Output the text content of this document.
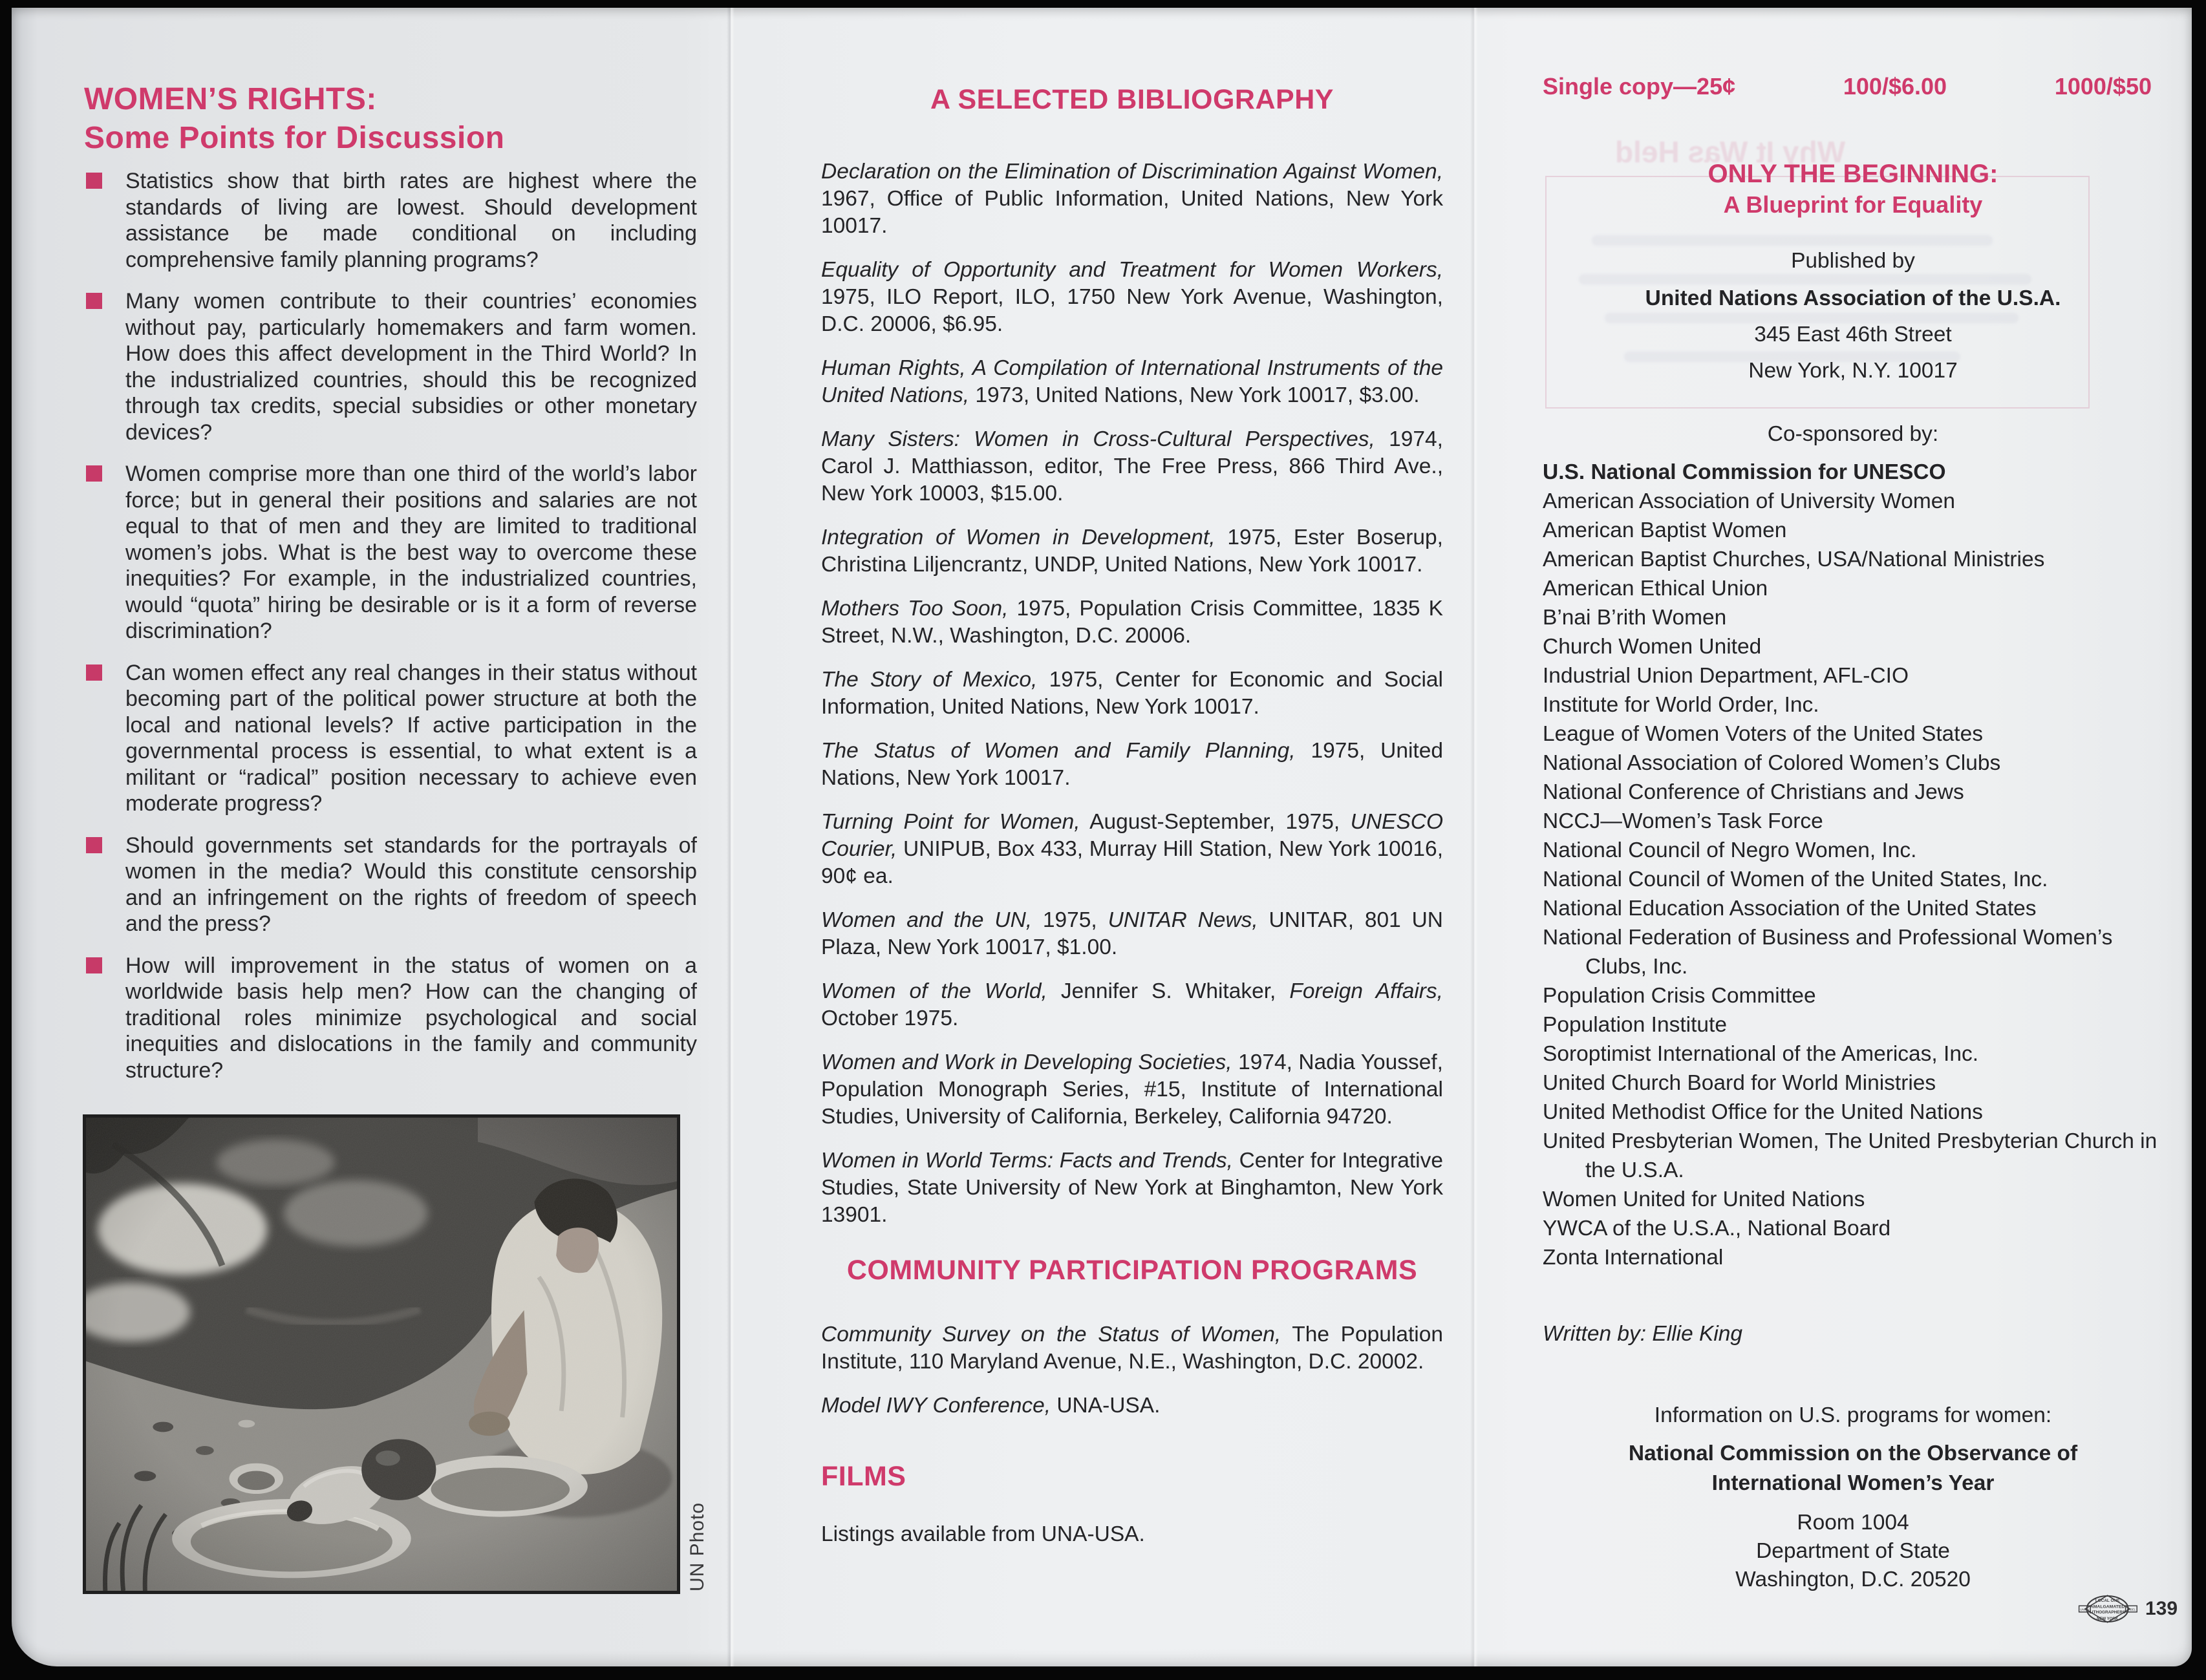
WOMEN’S RIGHTS:
Some Points for Discussion
Statistics show that birth rates are highest where the standards of living are lowest. Should development assistance be made conditional on including comprehensive family planning programs?
Many women contribute to their countries’ economies without pay, particularly homemakers and farm women. How does this affect development in the Third World? In the industrialized countries, should this be recognized through tax credits, special subsidies or other monetary devices?
Women comprise more than one third of the world’s labor force; but in general their positions and salaries are not equal to that of men and they are limited to traditional women’s jobs. What is the best way to overcome these inequities? For example, in the industrialized countries, would “quota” hiring be desirable or is it a form of reverse discrimination?
Can women effect any real changes in their status without becoming part of the political power structure at both the local and national levels? If active participation in the governmental process is essential, to what extent is a militant or “radical” position necessary to achieve even moderate progress?
Should governments set standards for the portrayals of women in the media? Would this constitute censorship and an infringement on the rights of freedom of speech and the press?
How will improvement in the status of women on a worldwide basis help men? How can the changing of traditional roles minimize psychological and social inequities and dislocations in the family and community structure?
UN Photo
A SELECTED BIBLIOGRAPHY

Declaration on the Elimination of Discrimination Against Women, 1967, Office of Public Information, United Nations, New York 10017.

Equality of Opportunity and Treatment for Women Workers, 1975, ILO Report, ILO, 1750 New York Avenue, Washington, D.C. 20006, $6.95.

Human Rights, A Compilation of International Instruments of the United Nations, 1973, United Nations, New York 10017, $3.00.

Many Sisters: Women in Cross-Cultural Perspectives, 1974, Carol J. Matthiasson, editor, The Free Press, 866 Third Ave., New York 10003, $15.00.

Integration of Women in Development, 1975, Ester Boserup, Christina Liljencrantz, UNDP, United Nations, New York 10017.

Mothers Too Soon, 1975, Population Crisis Committee, 1835 K Street, N.W., Washington, D.C. 20006.

The Story of Mexico, 1975, Center for Economic and Social Information, United Nations, New York 10017.

The Status of Women and Family Planning, 1975, United Nations, New York 10017.

Turning Point for Women, August-September, 1975, UNESCO Courier, UNIPUB, Box 433, Murray Hill Station, New York 10016, 90¢ ea.

Women and the UN, 1975, UNITAR News, UNITAR, 801 UN Plaza, New York 10017, $1.00.

Women of the World, Jennifer S. Whitaker, Foreign Affairs, October 1975.

Women and Work in Developing Societies, 1974, Nadia Youssef, Population Monograph Series, #15, Institute of International Studies, University of California, Berkeley, California 94720.

Women in World Terms: Facts and Trends, Center for Integrative Studies, State University of New York at Binghamton, New York 13901.

COMMUNITY PARTICIPATION PROGRAMS

Community Survey on the Status of Women, The Population Institute, 110 Maryland Avenue, N.E., Washington, D.C. 20002.

Model IWY Conference, UNA-USA.

FILMS

Listings available from UNA-USA.

Why It Was Held
Single copy—25¢	100/$6.00	1000/$50
ONLY THE BEGINNING:
A Blueprint for Equality
Published by
United Nations Association of the U.S.A.
345 East 46th Street
New York, N.Y. 10017
Co-sponsored by:
U.S. National Commission for UNESCO
American Association of University Women
American Baptist Women
American Baptist Churches, USA/National Ministries
American Ethical Union
B’nai B’rith Women
Church Women United
Industrial Union Department, AFL-CIO
Institute for World Order, Inc.
League of Women Voters of the United States
National Association of Colored Women’s Clubs
National Conference of Christians and Jews
NCCJ—Women’s Task Force
National Council of Negro Women, Inc.
National Council of Women of the United States, Inc.
National Education Association of the United States
National Federation of Business and Professional Women’s Clubs, Inc.
Population Crisis Committee
Population Institute
Soroptimist International of the Americas, Inc.
United Church Board for World Ministries
United Methodist Office for the United Nations
United Presbyterian Women, The United Presbyterian Church in the U.S.A.
Women United for United Nations
YWCA of the U.S.A., National Board
Zonta International
Written by: Ellie King
Information on U.S. programs for women:
National Commission on the Observance of
International Women’s Year
Room 1004
Department of State
Washington, D.C. 20520
LOCAL ONE
AMALGAMATED
LITHOGRAPHERS
NEW YORK
UNION	LABEL 139
